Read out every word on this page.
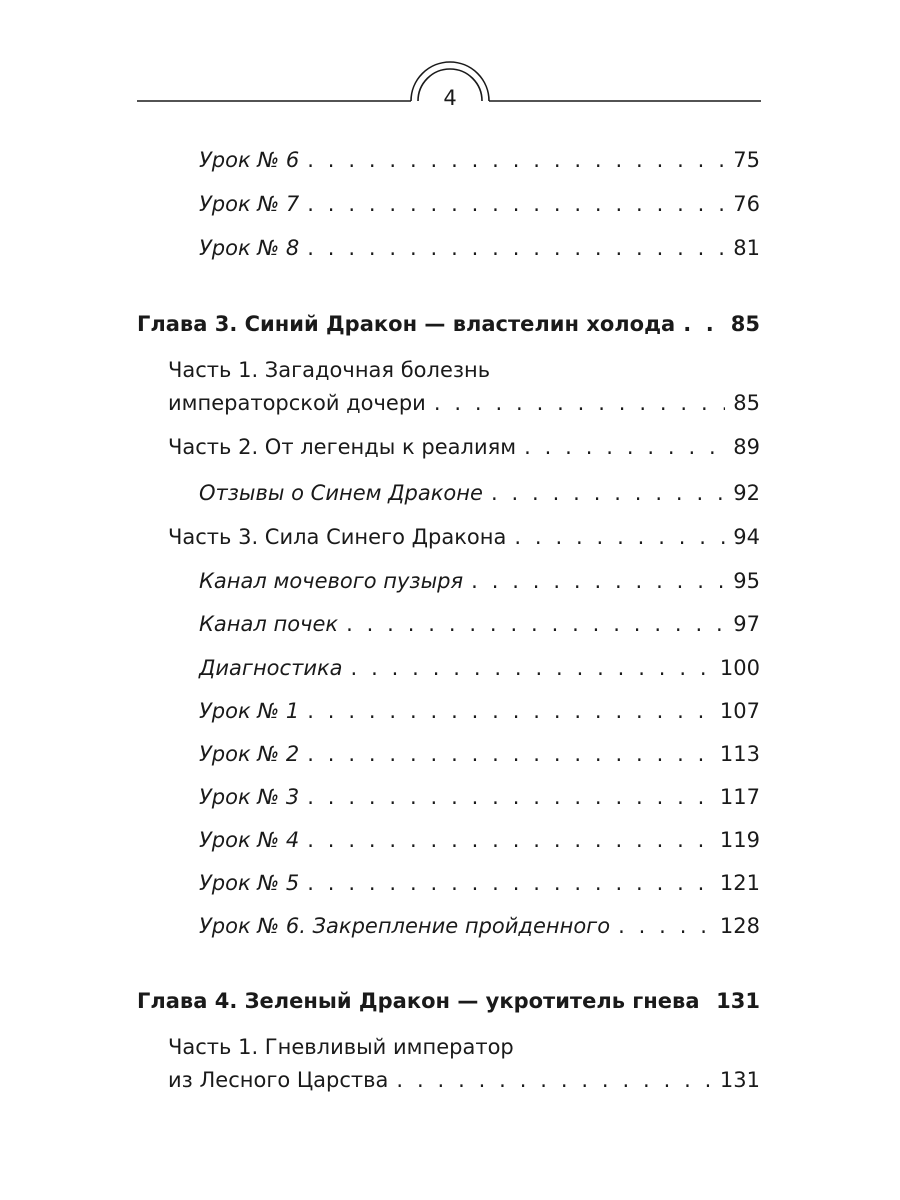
4
Урок № 6 . . .	75
Урок № 7 . . .	76
Урок № 8 . . .	81
Глава 3. Синий Дракон — властелин холода . . .	85
Часть 1. Загадочная болезнь
императорской дочери . . .	85
Часть 2. От легенды к реалиям . . .	89
Отзывы о Синем Драконе . . .	92
Часть 3. Сила Синего Дракона . . .	94
Канал мочевого пузыря . . .	95
Канал почек . . .	97
Диагностика . . .	100
Урок № 1 . . .	107
Урок № 2 . . .	113
Урок № 3 . . .	117
Урок № 4 . . .	119
Урок № 5 . . .	121
Урок № 6. Закрепление пройденного . . .	128
Глава 4. Зеленый Дракон — укротитель гнева . . . 131
Часть 1. Гневливый император
из Лесного Царства . . .	131
